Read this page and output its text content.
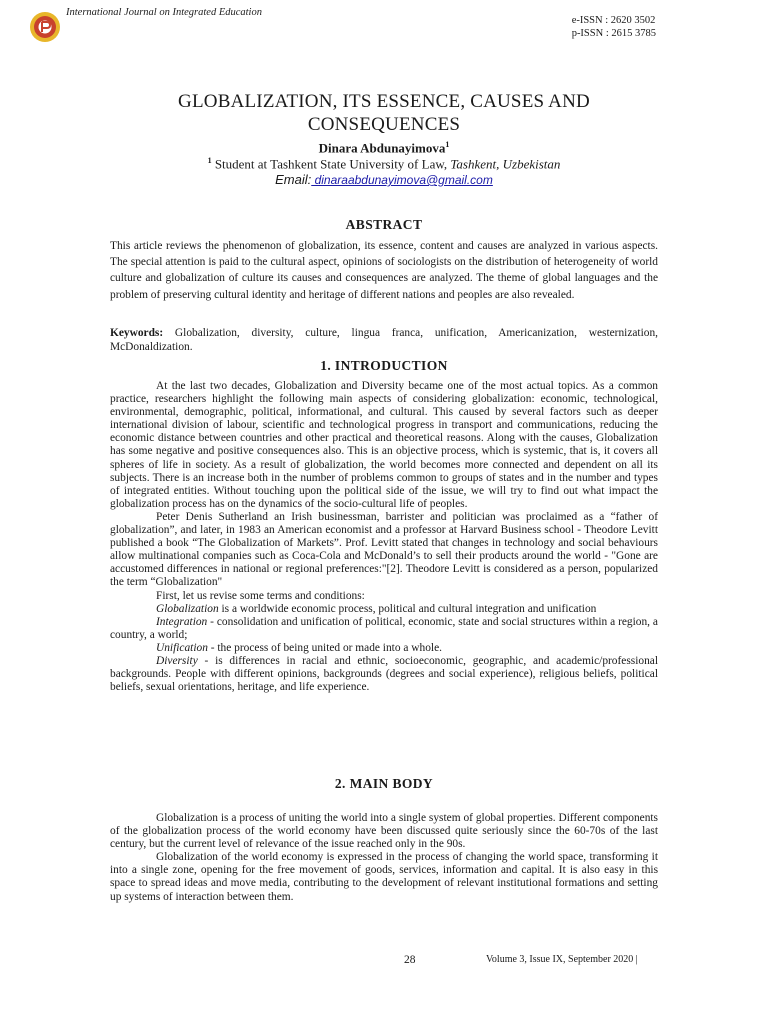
International Journal on Integrated Education
e-ISSN : 2620 3502
p-ISSN : 2615 3785
GLOBALIZATION, ITS ESSENCE, CAUSES AND
CONSEQUENCES
Dinara Abdunayimova$^1$
$^1$ Student at Tashkent State University of Law, Tashkent, Uzbekistan
Email: dinaraabdunayimova@gmail.com
ABSTRACT

This article reviews the phenomenon of globalization, its essence, content and causes are analyzed in various aspects. The special attention is paid to the cultural aspect, opinions of sociologists on the distribution of heterogeneity of world culture and globalization of culture its causes and consequences are analyzed. The theme of global languages and the problem of preserving cultural identity and heritage of different nations and peoples are also revealed.

Keywords: Globalization, diversity, culture, lingua franca, unification, Americanization, westernization, McDonaldization.

1. INTRODUCTION

At the last two decades, Globalization and Diversity became one of the most actual topics. As a common practice, researchers highlight the following main aspects of considering globalization: economic, technological, environmental, demographic, political, informational, and cultural. This caused by several factors such as deeper international division of labour, scientific and technological progress in transport and communications, reducing the economic distance between countries and other practical and theoretical reasons. Along with the causes, Globalization has some negative and positive consequences also. This is an objective process, which is systemic, that is, it covers all spheres of life in society. As a result of globalization, the world becomes more connected and dependent on all its subjects. There is an increase both in the number of problems common to groups of states and in the number and types of integrated entities. Without touching upon the political side of the issue, we will try to find out what impact the globalization process has on the dynamics of the socio-cultural life of peoples.

Peter Denis Sutherland an Irish businessman, barrister and politician was proclaimed as a “father of globalization”, and later, in 1983 an American economist and a professor at Harvard Business school - Theodore Levitt published a book “The Globalization of Markets”. Prof. Levitt stated that changes in technology and social behaviours allow multinational companies such as Coca-Cola and McDonald’s to sell their products around the world - "Gone are accustomed differences in national or regional preferences:"[2]. Theodore Levitt is considered as a person, popularized the term “Globalization"

First, let us revise some terms and conditions:

Globalization is a worldwide economic process, political and cultural integration and unification

Integration - consolidation and unification of political, economic, state and social structures within a region, a country, a world;

Unification - the process of being united or made into a whole.

Diversity - is differences in racial and ethnic, socioeconomic, geographic, and academic/professional backgrounds. People with different opinions, backgrounds (degrees and social experience), religious beliefs, political beliefs, sexual orientations, heritage, and life experience.

2. MAIN BODY

Globalization is a process of uniting the world into a single system of global properties. Different components of the globalization process of the world economy have been discussed quite seriously since the 60-70s of the last century, but the current level of relevance of the issue reached only in the 90s.

Globalization of the world economy is expressed in the process of changing the world space, transforming it into a single zone, opening for the free movement of goods, services, information and capital. It is also easy in this space to spread ideas and move media, contributing to the development of relevant institutional formations and setting up systems of interaction between them.

28	Volume 3, Issue IX, September 2020 |
